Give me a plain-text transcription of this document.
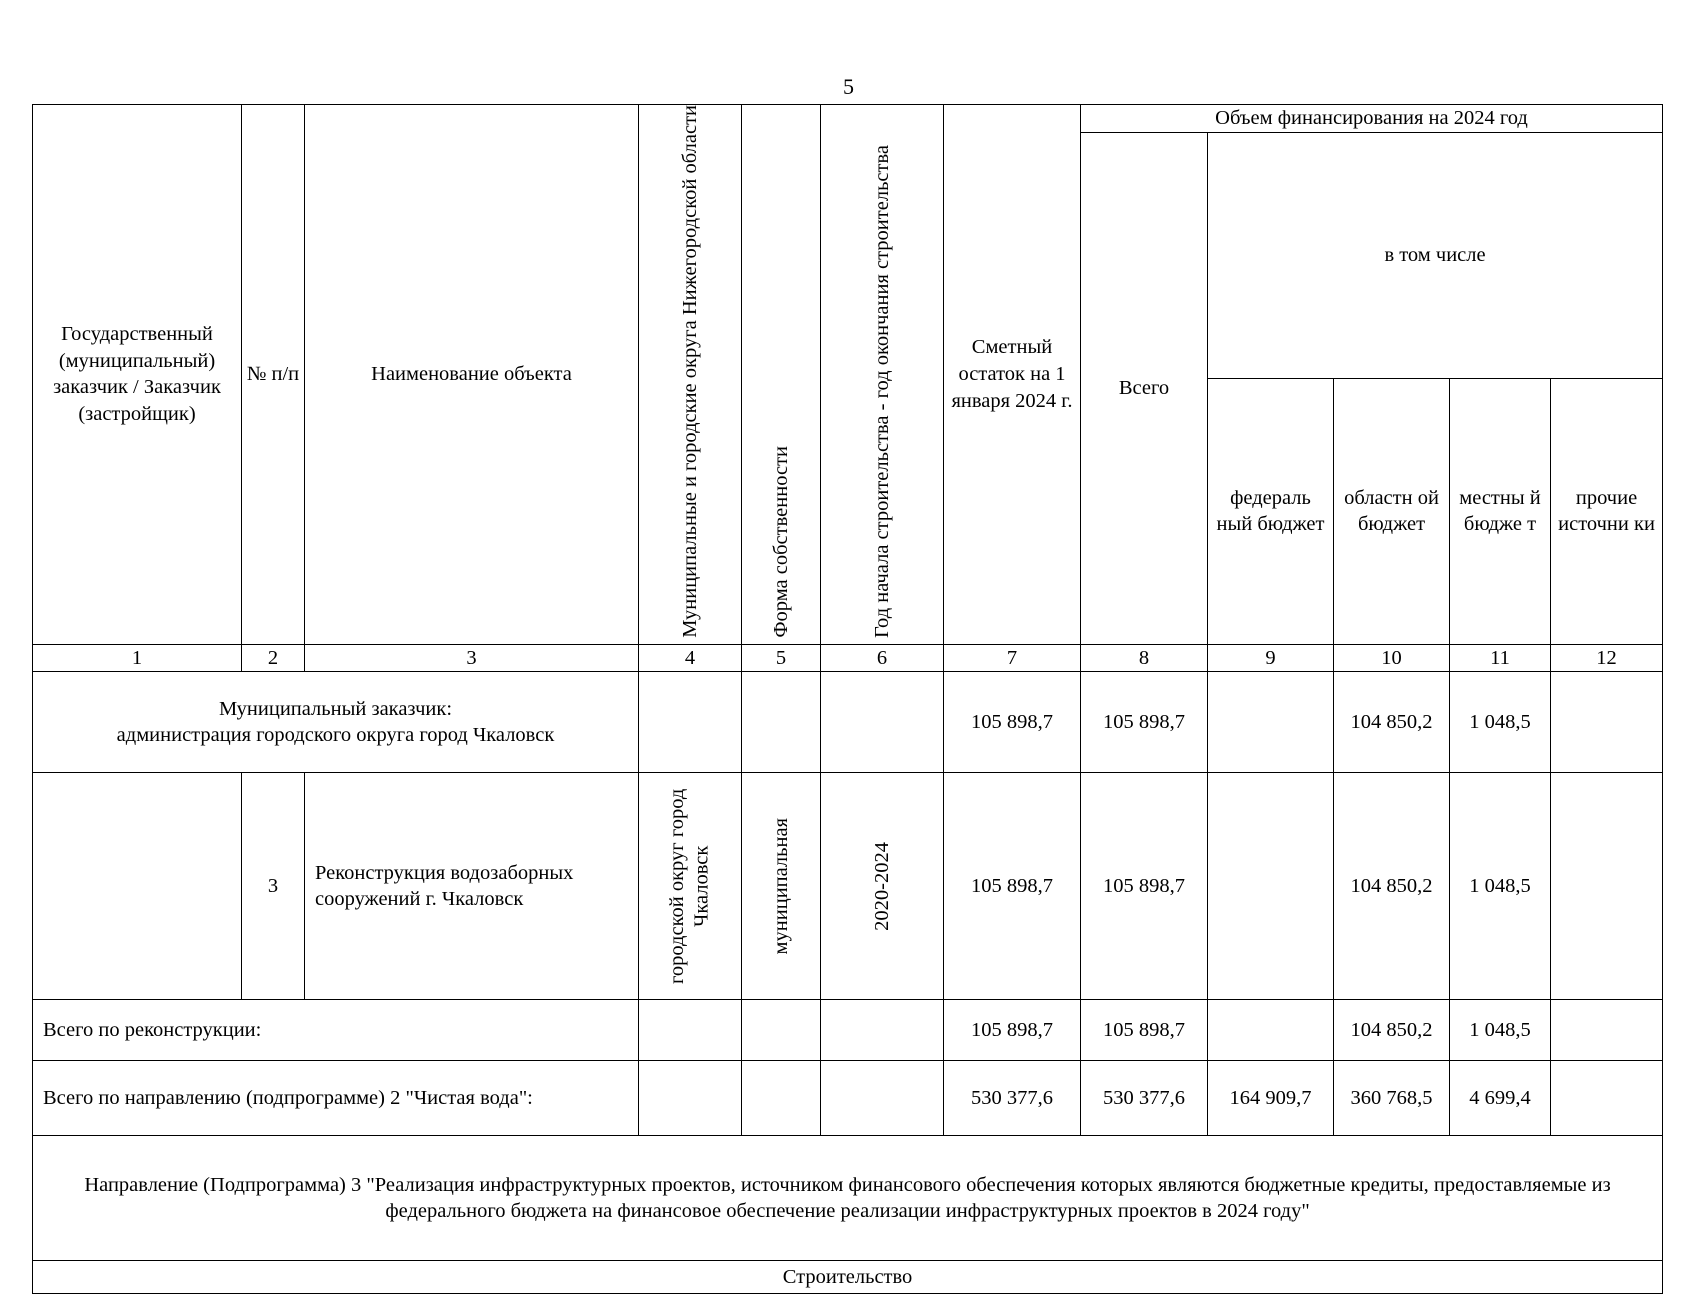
5
Государственный (муниципальный) заказчик / Заказчик (застройщик)	№ п/п	Наименование объекта	Муниципальные и городские округа Нижегородской области	Форма собственности	Год начала строительства - год окончания строительства	Сметный остаток на 1 января 2024 г.	Объем финансирования на 2024 год				
							Всего	в том числе			
								федераль ный бюджет	областн ой бюджет	местны й бюдже т	прочие источни ки
1	2	3	4	5	6	7	8	9	10	11	12

Муниципальный заказчик:
администрация городского округа город Чкаловск						105 898,7	105 898,7		104 850,2	1 048,5	
	3	Реконструкция водозаборных сооружений г. Чкаловск	городской округ город Чкаловск	муниципальная	2020-2024	105 898,7	105 898,7		104 850,2	1 048,5	
Всего по реконструкции:						105 898,7	105 898,7		104 850,2	1 048,5	
Всего по направлению (подпрограмме) 2 "Чистая вода":						530 377,6	530 377,6	164 909,7	360 768,5	4 699,4	
Направление (Подпрограмма) 3 "Реализация инфраструктурных проектов, источником финансового обеспечения которых являются бюджетные кредиты, предоставляемые из федерального бюджета на финансовое обеспечение реализации инфраструктурных проектов в 2024 году"											
Строительство											
